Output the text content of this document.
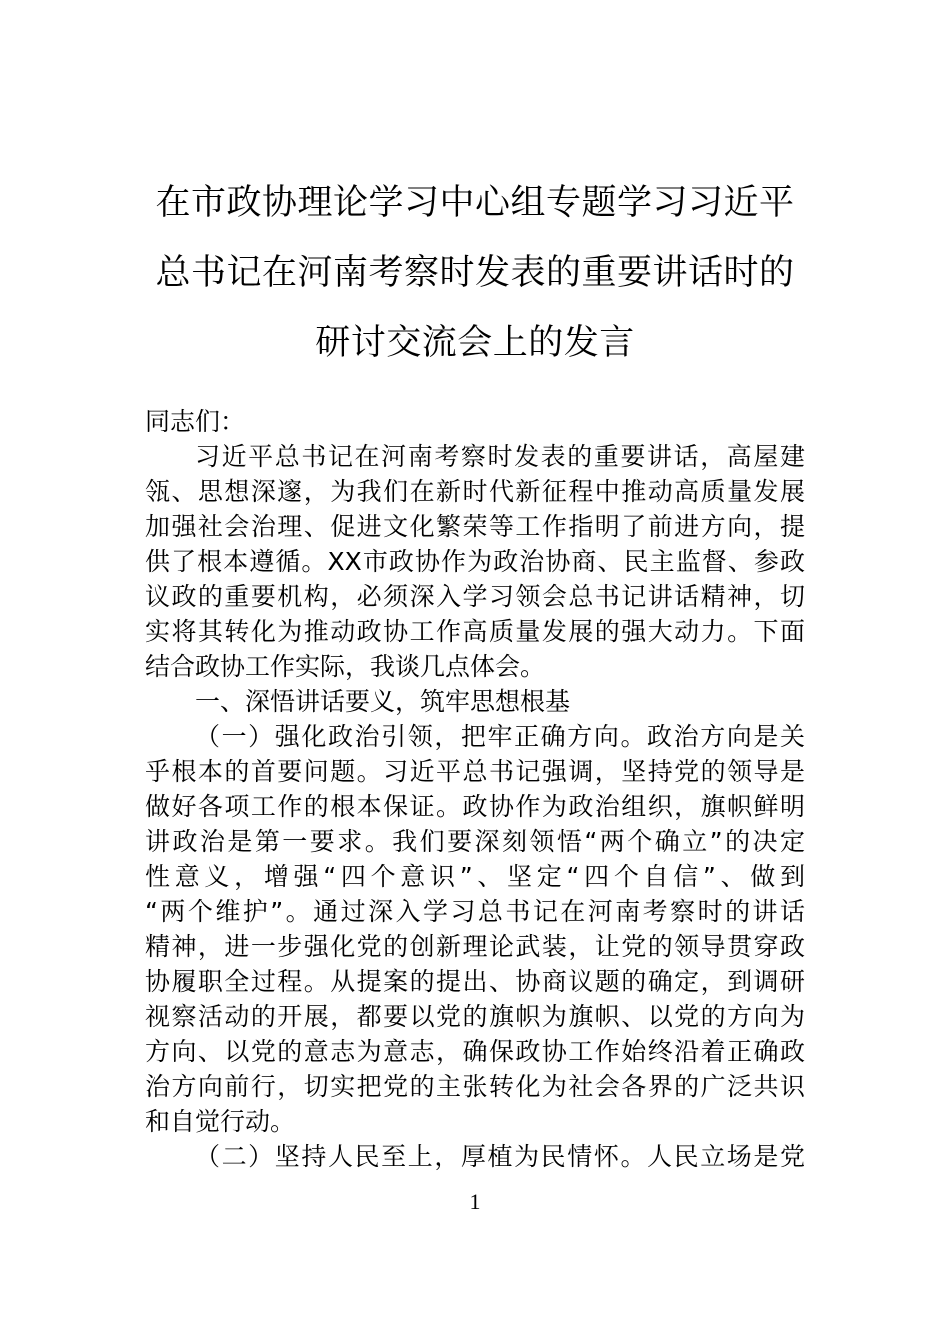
在市政协理论学习中心组专题学习习近平
总书记在河南考察时发表的重要讲话时的
研讨交流会上的发言
同志们：
习近平总书记在河南考察时发表的重要讲话，高屋建
瓴、思想深邃，为我们在新时代新征程中推动高质量发展
加强社会治理、促进文化繁荣等工作指明了前进方向，提
供了根本遵循。XX市政协作为政治协商、民主监督、参政
议政的重要机构，必须深入学习领会总书记讲话精神，切
实将其转化为推动政协工作高质量发展的强大动力。下面
结合政协工作实际，我谈几点体会。
一、深悟讲话要义，筑牢思想根基
（一）强化政治引领，把牢正确方向。政治方向是关
乎根本的首要问题。习近平总书记强调，坚持党的领导是
做好各项工作的根本保证。政协作为政治组织，旗帜鲜明
讲政治是第一要求。我们要深刻领悟“两个确立”的决定
性意义，增强“四个意识”、坚定“四个自信”、做到
“两个维护”。通过深入学习总书记在河南考察时的讲话
精神，进一步强化党的创新理论武装，让党的领导贯穿政
协履职全过程。从提案的提出、协商议题的确定，到调研
视察活动的开展，都要以党的旗帜为旗帜、以党的方向为
方向、以党的意志为意志，确保政协工作始终沿着正确政
治方向前行，切实把党的主张转化为社会各界的广泛共识
和自觉行动。
（二）坚持人民至上，厚植为民情怀。人民立场是党
1
